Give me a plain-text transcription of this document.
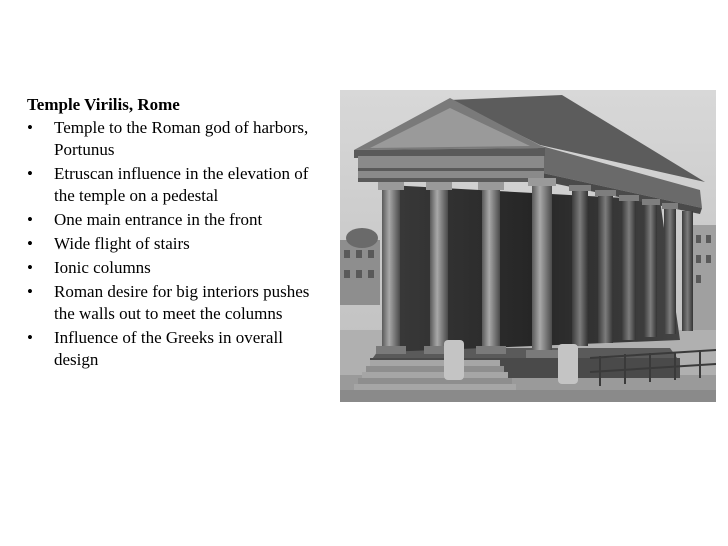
Temple Virilis, Rome
• Temple to the Roman god of harbors, Portunus
• Etruscan influence in the elevation of the temple on a pedestal
• One main entrance in the front
• Wide flight of stairs
• Ionic columns
• Roman desire for big interiors pushes the walls out to meet the columns
• Influence of the Greeks in overall design
